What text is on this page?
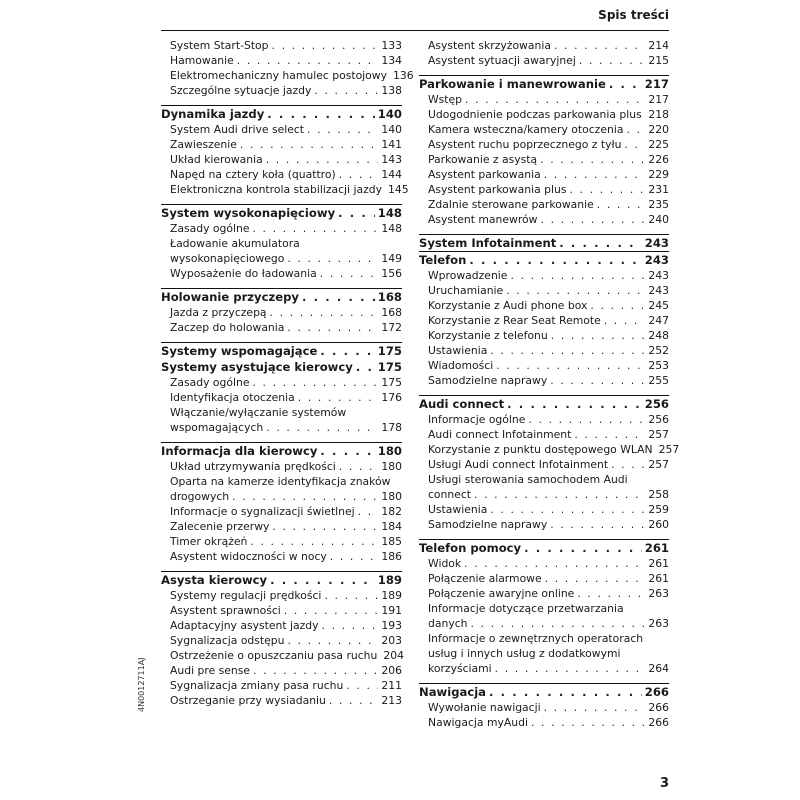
Spis treści
System Start-Stop . . .	133
Hamowanie . . .	134
Elektromechaniczny hamulec postojowy 136
Szczególne sytuacje jazdy . . .	138
Dynamika jazdy . . .	140
System Audi drive select . . .	140
Zawieszenie . . .	141
Układ kierowania . . .	143
Napęd na cztery koła (quattro) . . .	144
Elektroniczna kontrola stabilizacji jazdy 145
System wysokonapięciowy . . .	148
Zasady ogólne . . .	148
Ładowanie akumulatora
wysokonapięciowego . . .	149
Wyposażenie do ładowania . . .	156
Holowanie przyczepy . . .	168
Jazda z przyczepą . . .	168
Zaczep do holowania . . .	172
Systemy wspomagające . . .	175
Systemy asystujące kierowcy . . . 175
Zasady ogólne . . .	175
Identyfikacja otoczenia . . .	176
Włączanie/wyłączanie systemów
wspomagających . . .	178
Informacja dla kierowcy . . .	180
Układ utrzymywania prędkości . . .	180
Oparta na kamerze identyfikacja znaków
drogowych . . .	180
Informacje o sygnalizacji świetlnej . . . 182
Zalecenie przerwy . . .	184
Timer okrążeń . . .	185
Asystent widoczności w nocy . . .	186
Asysta kierowcy . . .	189
Systemy regulacji prędkości . . .	189
Asystent sprawności . . .	191
Adaptacyjny asystent jazdy . . .	193
Sygnalizacja odstępu . . .	203
Ostrzeżenie o opuszczaniu pasa ruchu 204
Audi pre sense . . .	206
Sygnalizacja zmiany pasa ruchu . . .	211
Ostrzeganie przy wysiadaniu . . .	213
Asystent skrzyżowania . . .	214
Asystent sytuacji awaryjnej . . .	215
Parkowanie i manewrowanie . . .	217
Wstęp . . .	217
Udogodnienie podczas parkowania plus . . . 218
Kamera wsteczna/kamery otoczenia . . . 220
Asystent ruchu poprzecznego z tyłu . . . 225
Parkowanie z asystą . . .	226
Asystent parkowania . . .	229
Asystent parkowania plus . . .	231
Zdalnie sterowane parkowanie . . .	235
Asystent manewrów . . .	240
System Infotainment . . .	243
Telefon . . .	243
Wprowadzenie . . .	243
Uruchamianie . . .	243
Korzystanie z Audi phone box . . .	245
Korzystanie z Rear Seat Remote . . .	247
Korzystanie z telefonu . . .	248
Ustawienia . . .	252
Wiadomości . . .	253
Samodzielne naprawy . . .	255
Audi connect . . .	256
Informacje ogólne . . .	256
Audi connect Infotainment . . .	257
Korzystanie z punktu dostępowego WLAN 257
Usługi Audi connect Infotainment . . .	257
Usługi sterowania samochodem Audi
connect . . .	258
Ustawienia . . .	259
Samodzielne naprawy . . .	260
Telefon pomocy . . .	261
Widok . . .	261
Połączenie alarmowe . . .	261
Połączenie awaryjne online . . .	263
Informacje dotyczące przetwarzania
danych . . .	263
Informacje o zewnętrznych operatorach
usług i innych usług z dodatkowymi
korzyściami . . .	264
Nawigacja . . .	266
Wywołanie nawigacji . . .	266
Nawigacja myAudi . . .	266
4N0012711AJ
3
